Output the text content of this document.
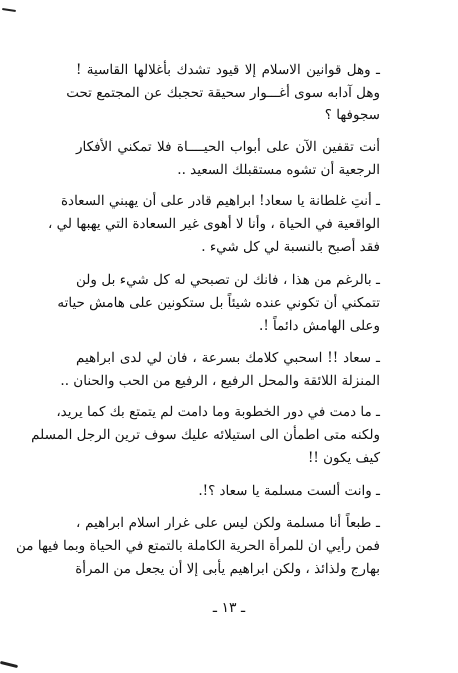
ـ وهل قوانين الاسلام إلا قيود تشدك بأغلالها القاسية !
وهل آدابه سوى أغـــوار سحيقة تحجبك عن المجتمع تحت
سجوفها ؟
أنت تقفين الآن على أبواب الحيــــاة فلا تمكني الأفكار
الرجعية أن تشوه مستقبلك السعيد ..
ـ أنتِ غلطانة يا سعاد! ابراهيم قادر على أن يهبني السعادة
الواقعية في الحياة ، وأنا لا أهوى غير السعادة التي يهبها لي ،
فقد أصبح بالنسبة لي كل شيء .
ـ بالرغم من هذا ، فانك لن تصبحي له كل شيء بل ولن
تتمكني أن تكوني عنده شيئاً بل ستكونين على هامش حياته
وعلى الهامش دائماً !.
ـ سعاد !! اسحبي كلامك بسرعة ، فان لي لدى ابراهيم
المنزلة اللائقة والمحل الرفيع ، الرفيع من الحب والحنان ..
ـ ما دمت في دور الخطوبة وما دامت لم يتمتع بك كما يريد،
ولكنه متى اطمأن الى استيلائه عليك سوف ترين الرجل المسلم
كيف يكون !!
ـ وانت ألست مسلمة يا سعاد ؟!.
ـ طبعاً أنا مسلمة ولكن ليس على غرار اسلام ابراهيم ،
فمن رأيي ان للمرأة الحرية الكاملة بالتمتع في الحياة وبما فيها من
بهارج ولذائذ ، ولكن ابراهيم يأبى إلا أن يجعل من المرأة
ـ ١٣ ـ
